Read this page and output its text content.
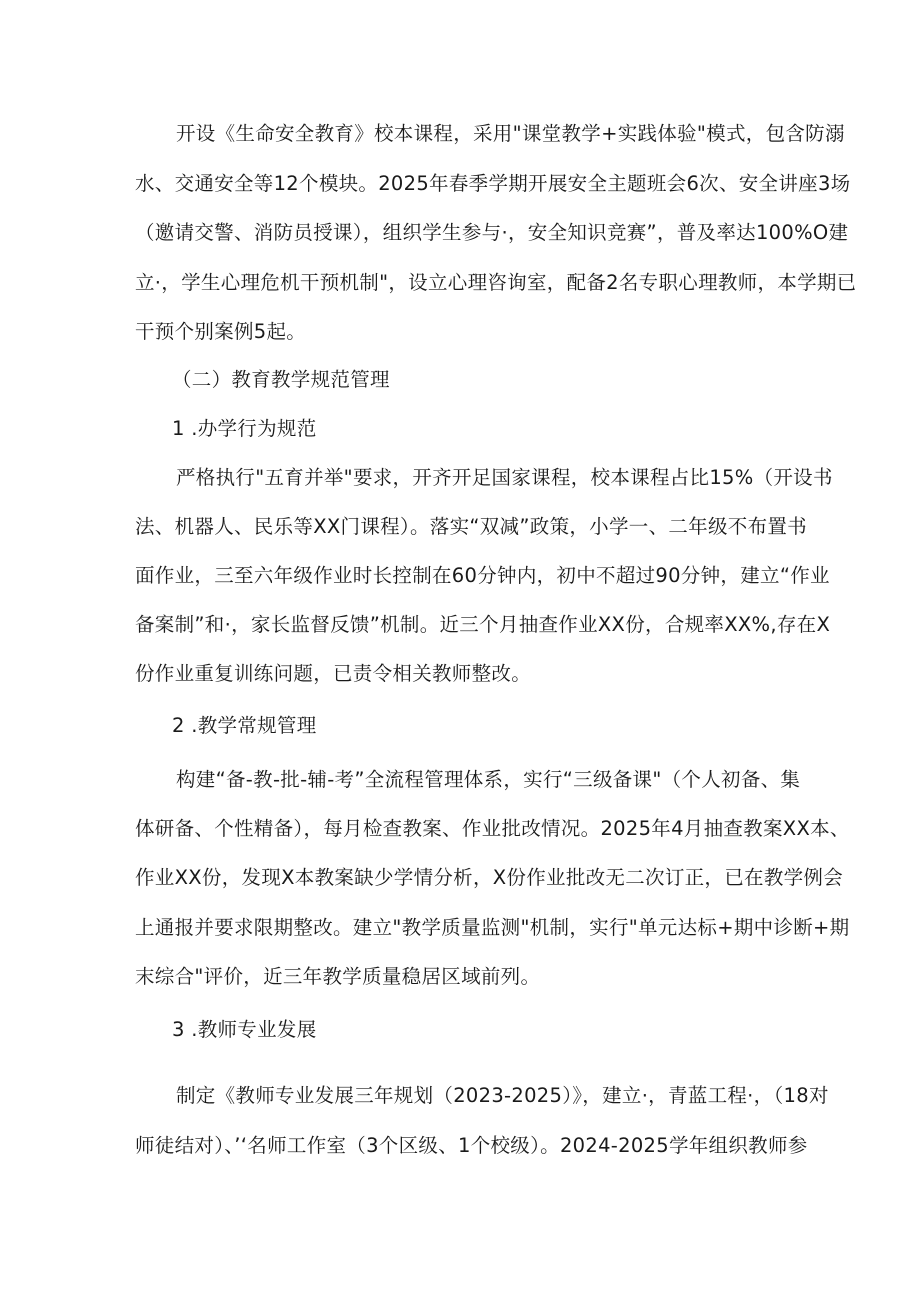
开设《生命安全教育》校本课程，采用"课堂教学+实践体验"模式，包含防溺

水、交通安全等12个模块。2025年春季学期开展安全主题班会6次、安全讲座3场

（邀请交警、消防员授课），组织学生参与·，安全知识竞赛”，普及率达100%O建

立·，学生心理危机干预机制"，设立心理咨询室，配备2名专职心理教师，本学期已

干预个别案例5起。

（二）教育教学规范管理

1 .办学行为规范

严格执行"五育并举"要求，开齐开足国家课程，校本课程占比15%（开设书

法、机器人、民乐等XX门课程）。落实“双减”政策，小学一、二年级不布置书

面作业，三至六年级作业时长控制在60分钟内，初中不超过90分钟，建立“作业

备案制”和·，家长监督反馈”机制。近三个月抽查作业XX份，合规率XX%,存在X

份作业重复训练问题，已责令相关教师整改。

2 .教学常规管理

构建“备-教-批-辅-考”全流程管理体系，实行“三级备课"（个人初备、集

体研备、个性精备），每月检查教案、作业批改情况。2025年4月抽查教案XX本、

作业XX份，发现X本教案缺少学情分析，X份作业批改无二次订正，已在教学例会

上通报并要求限期整改。建立"教学质量监测"机制，实行"单元达标+期中诊断+期

末综合"评价，近三年教学质量稳居区域前列。

3 .教师专业发展

制定《教师专业发展三年规划（2023-2025）》，建立·，青蓝工程·，（18对

师徒结对）、’‘名师工作室（3个区级、1个校级）。2024-2025学年组织教师参
